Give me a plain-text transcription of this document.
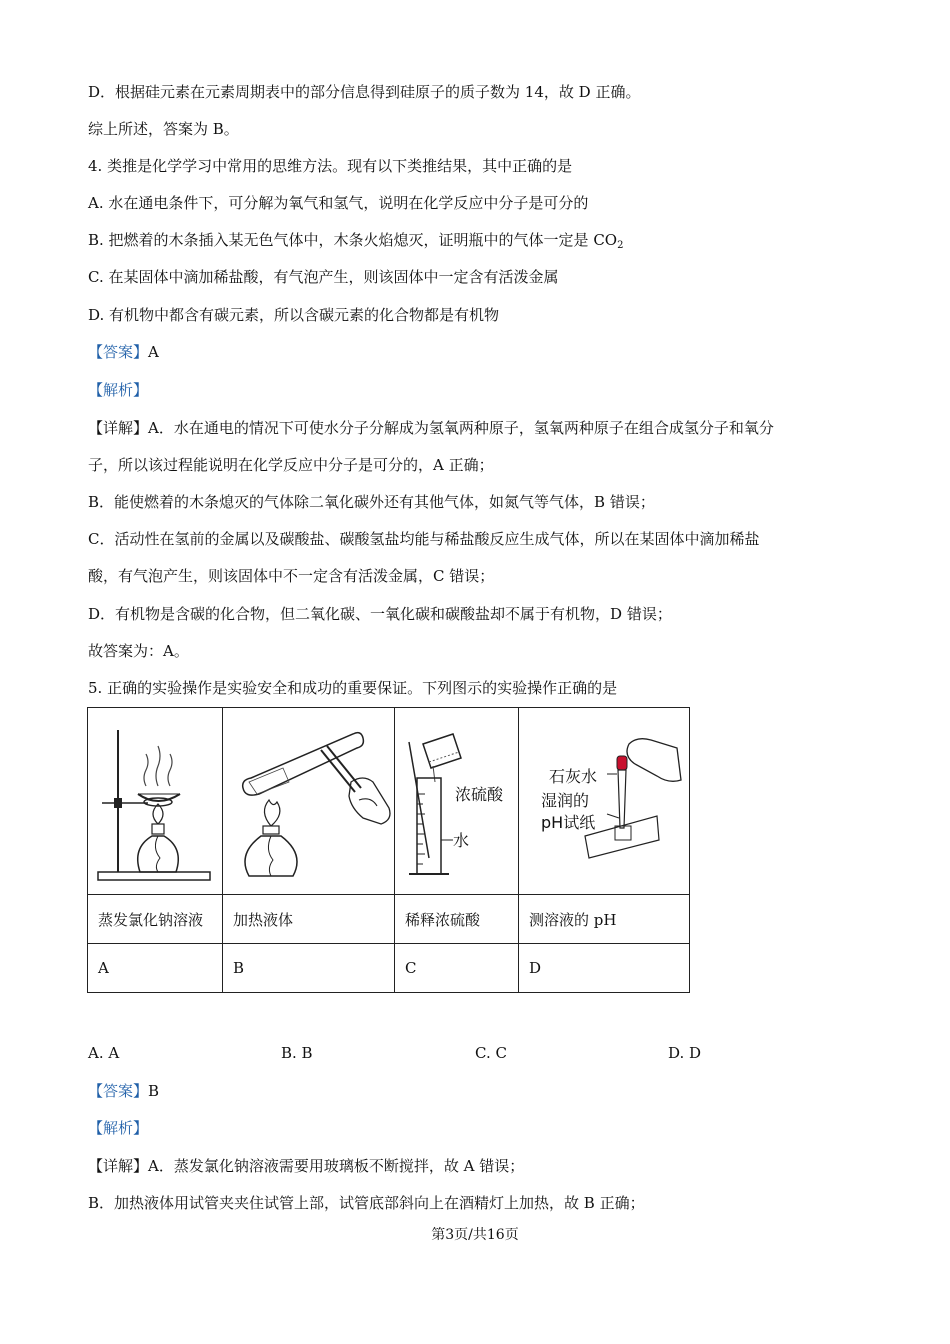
D．根据硅元素在元素周期表中的部分信息得到硅原子的质子数为 14，故 D 正确。
综上所述，答案为 B。
4. 类推是化学学习中常用的思维方法。现有以下类推结果，其中正确的是
A. 水在通电条件下，可分解为氧气和氢气，说明在化学反应中分子是可分的
B. 把燃着的木条插入某无色气体中，木条火焰熄灭，证明瓶中的气体一定是 $CO_2$
C. 在某固体中滴加稀盐酸，有气泡产生，则该固体中一定含有活泼金属
D. 有机物中都含有碳元素，所以含碳元素的化合物都是有机物
【答案】A
【解析】
【详解】A．水在通电的情况下可使水分子分解成为氢氧两种原子，氢氧两种原子在组合成氢分子和氧分
子，所以该过程能说明在化学反应中分子是可分的，A 正确；
B．能使燃着的木条熄灭的气体除二氧化碳外还有其他气体，如氮气等气体，B 错误；
C．活动性在氢前的金属以及碳酸盐、碳酸氢盐均能与稀盐酸反应生成气体，所以在某固体中滴加稀盐
酸，有气泡产生，则该固体中不一定含有活泼金属，C 错误；
D．有机物是含碳的化合物，但二氧化碳、一氧化碳和碳酸盐却不属于有机物，D 错误；
故答案为：A。
5. 正确的实验操作是实验安全和成功的重要保证。下列图示的实验操作正确的是

浓硫酸
水	石灰水
湿润的
pH试纸

蒸发氯化钠溶液	加热液体	稀释浓硫酸	测溶液的 pH
A	B	C	D
A. A	B. B	C. C	D. D
【答案】B
【解析】
【详解】A．蒸发氯化钠溶液需要用玻璃板不断搅拌，故 A 错误；
B．加热液体用试管夹夹住试管上部，试管底部斜向上在酒精灯上加热，故 B 正确；
第3页/共16页
